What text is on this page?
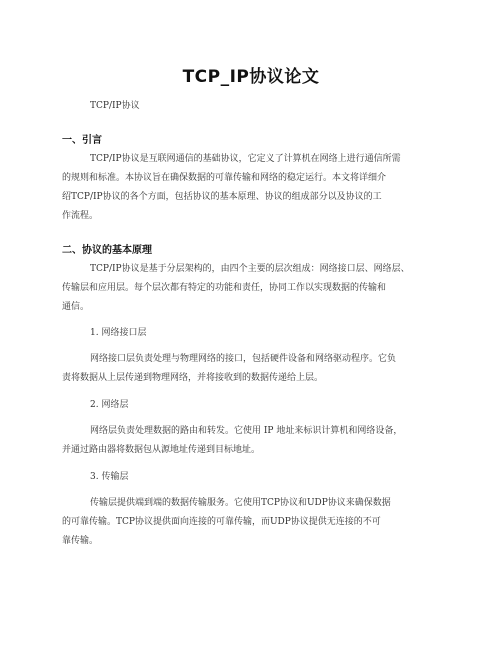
TCP_IP协议论文
TCP/IP协议
一、引言
TCP/IP协议是互联网通信的基础协议，它定义了计算机在网络上进行通信所需
的规则和标准。本协议旨在确保数据的可靠传输和网络的稳定运行。本文将详细介
绍TCP/IP协议的各个方面，包括协议的基本原理、协议的组成部分以及协议的工
作流程。
二、协议的基本原理
TCP/IP协议是基于分层架构的，由四个主要的层次组成：网络接口层、网络层、
传输层和应用层。每个层次都有特定的功能和责任，协同工作以实现数据的传输和
通信。
1. 网络接口层
网络接口层负责处理与物理网络的接口，包括硬件设备和网络驱动程序。它负
责将数据从上层传递到物理网络，并将接收到的数据传递给上层。
2. 网络层
网络层负责处理数据的路由和转发。它使用 IP 地址来标识计算机和网络设备，
并通过路由器将数据包从源地址传递到目标地址。
3. 传输层
传输层提供端到端的数据传输服务。它使用TCP协议和UDP协议来确保数据
的可靠传输。TCP协议提供面向连接的可靠传输，而UDP协议提供无连接的不可
靠传输。
